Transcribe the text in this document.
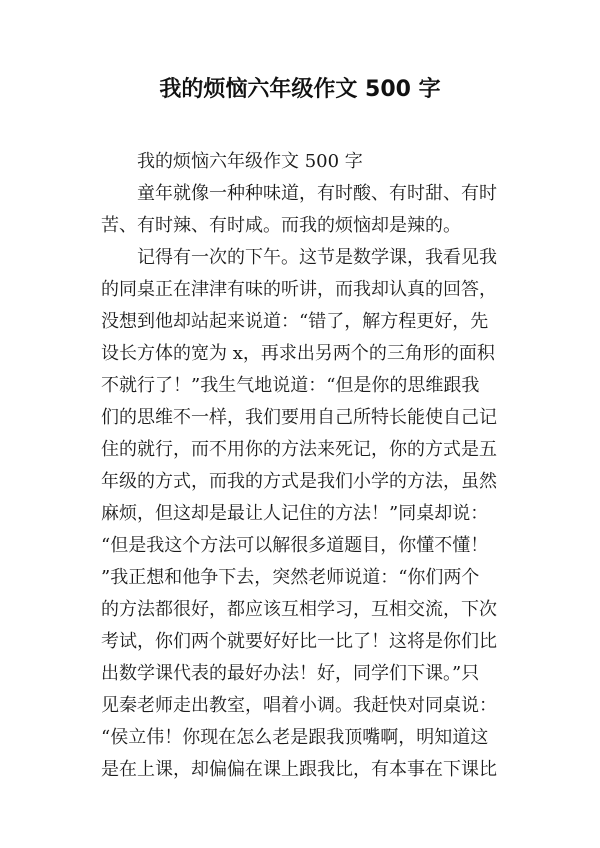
我的烦恼六年级作文 500 字
我的烦恼六年级作文 500 字
童年就像一种种味道，有时酸、有时甜、有时
苦、有时辣、有时咸。而我的烦恼却是辣的。
记得有一次的下午。这节是数学课，我看见我
的同桌正在津津有味的听讲，而我却认真的回答，
没想到他却站起来说道：“错了，解方程更好，先
设长方体的宽为 x，再求出另两个的三角形的面积
不就行了！”我生气地说道：“但是你的思维跟我
们的思维不一样，我们要用自己所特长能使自己记
住的就行，而不用你的方法来死记，你的方式是五
年级的方式，而我的方式是我们小学的方法，虽然
麻烦，但这却是最让人记住的方法！”同桌却说：
“但是我这个方法可以解很多道题目，你懂不懂！
”我正想和他争下去，突然老师说道：“你们两个
的方法都很好，都应该互相学习，互相交流，下次
考试，你们两个就要好好比一比了！这将是你们比
出数学课代表的最好办法！好，同学们下课。”只
见秦老师走出教室，唱着小调。我赶快对同桌说：
“侯立伟！你现在怎么老是跟我顶嘴啊，明知道这
是在上课，却偏偏在课上跟我比，有本事在下课比
